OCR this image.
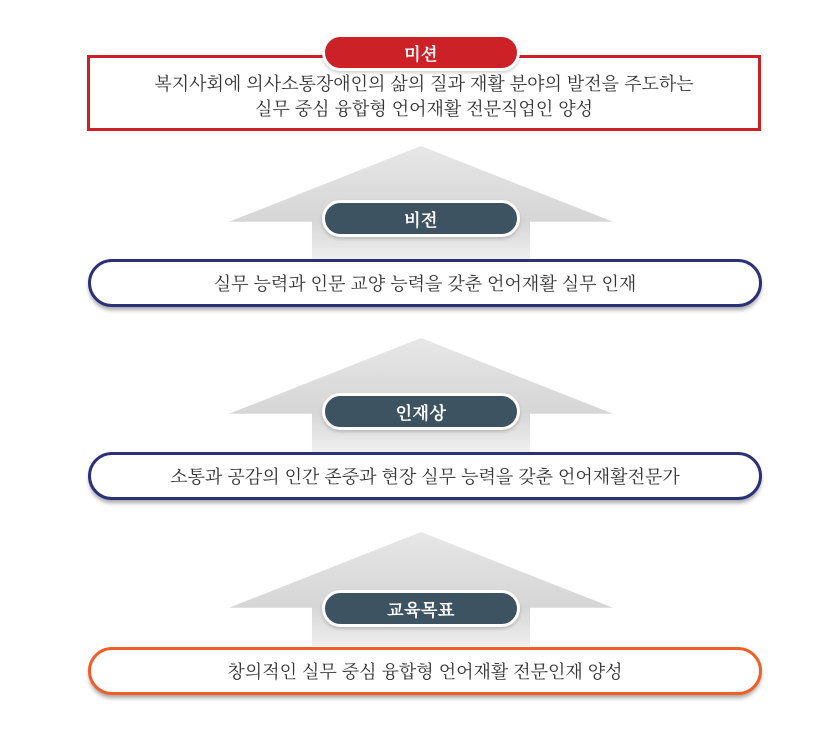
복지사회에 의사소통장애인의 삶의 질과 재활 분야의 발전을 주도하는
실무 중심 융합형 언어재활 전문직업인 양성
미션
비전
실무 능력과 인문 교양 능력을 갖춘 언어재활 실무 인재
인재상
소통과 공감의 인간 존중과 현장 실무 능력을 갖춘 언어재활전문가
교육목표
창의적인 실무 중심 융합형 언어재활 전문인재 양성
